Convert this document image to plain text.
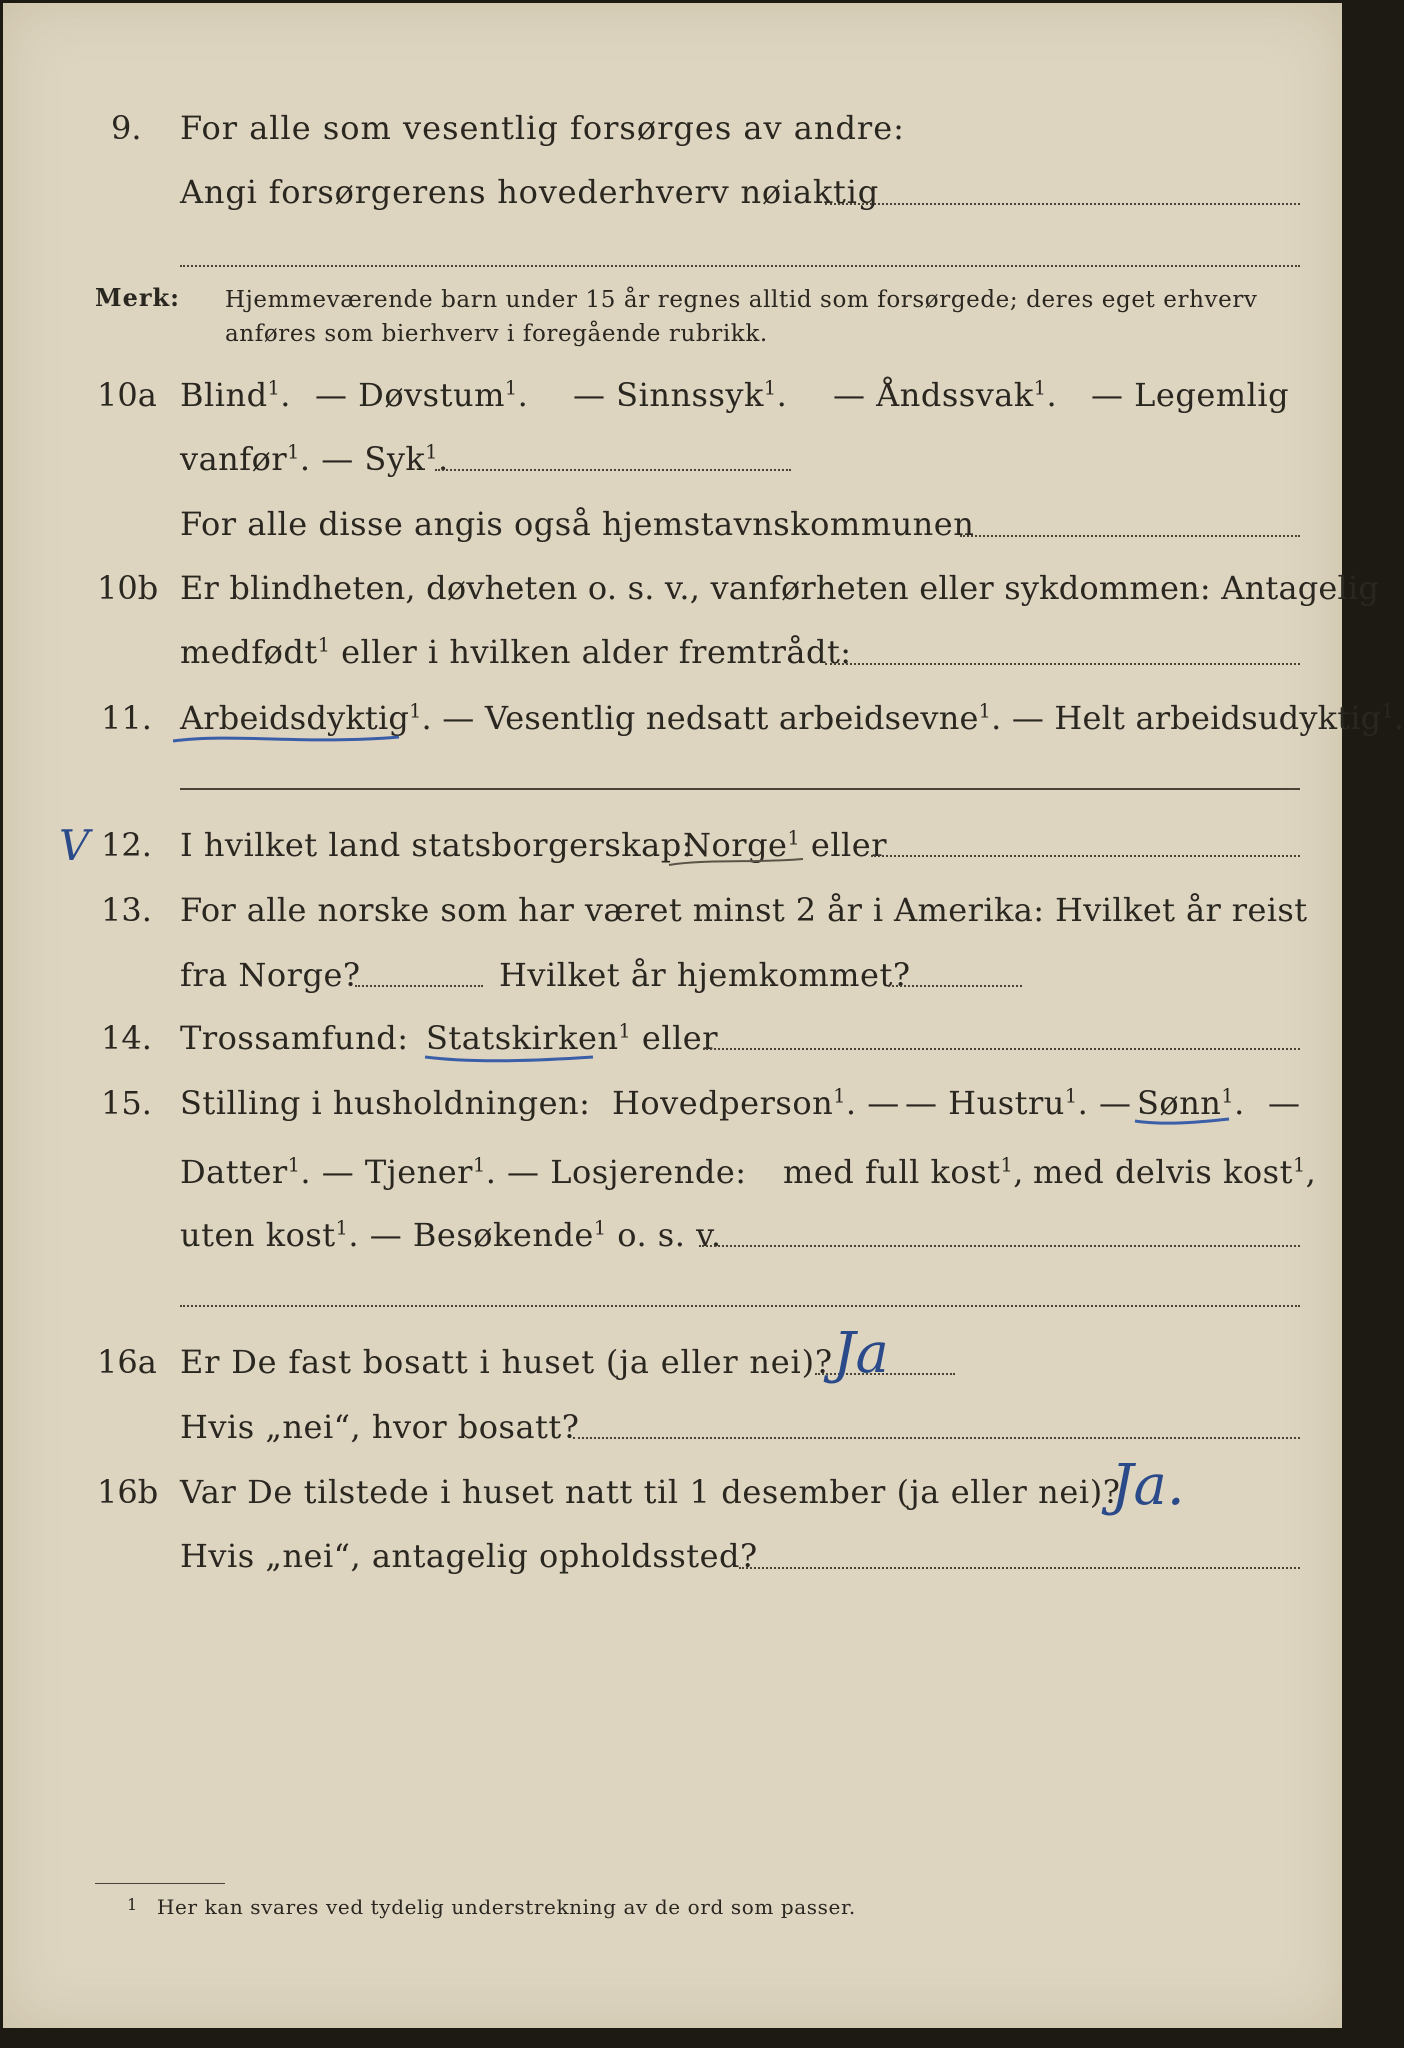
9. For alle som vesentlig forsørges av andre:
Angi forsørgerens hovederhverv nøiaktig
Merk: Hjemmeværende barn under 15 år regnes alltid som forsørgede; deres eget erhverv
anføres som bierhverv i foregående rubrikk.
10a Blind$^1$. — Døvstum$^1$. — Sinnssyk$^1$. — Åndssvak$^1$. — Legemlig
vanfør$^1$. — Syk$^1$.
For alle disse angis også hjemstavnskommunen
10b Er blindheten, døvheten o. s. v., vanførheten eller sykdommen: Antagelig
medfødt$^1$ eller i hvilken alder fremtrådt:
11. Arbeidsdyktig$^1$. — Vesentlig nedsatt arbeidsevne$^1$. — Helt arbeidsudyktig$^1$.
V 12. I hvilket land statsborgerskap:
Norge$^1$ eller
13. For alle norske som har været minst 2 år i Amerika: Hvilket år reist
fra Norge?	Hvilket år hjemkommet?
14. Trossamfund: Statskirken$^1$ eller
15. Stilling i husholdningen: Hovedperson$^1$. — — Hustru$^1$. — Sønn$^1$. —
Datter$^1$. — Tjener$^1$. — Losjerende: med full kost$^1$, med delvis kost$^1$,
uten kost$^1$. — Besøkende$^1$ o. s. v.
16a Er De fast bosatt i huset (ja eller nei)? Ja
Hvis „nei“, hvor bosatt?
16b Var De tilstede i huset natt til 1 desember (ja eller nei)?
Ja.
Hvis „nei“, antagelig opholdssted?
1 Her kan svares ved tydelig understrekning av de ord som passer.
